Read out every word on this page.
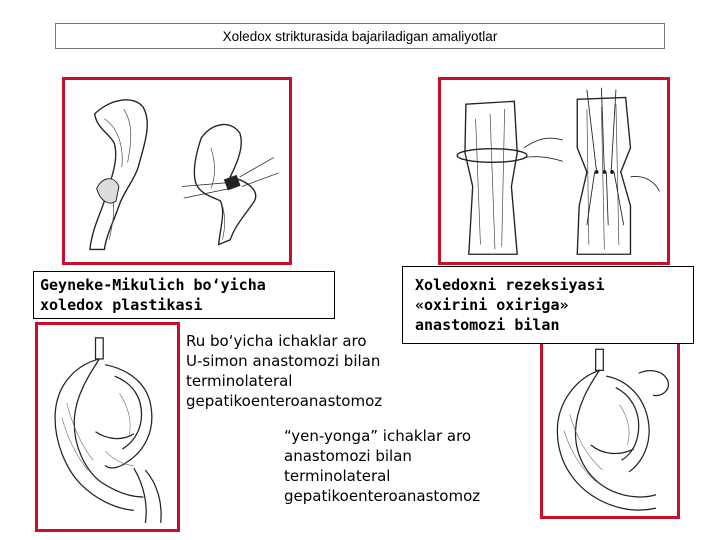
Xoledox strikturasida bajariladigan amaliyotlar
Geyneke-Mikulich bo‘yicha
xoledox plastikasi
Xoledoxni rezeksiyasi
«oxirini oxiriga»
anastomozi bilan
Ru bo‘yicha ichaklar aro
U-simon anastomozi bilan
terminolateral
gepatikoenteroanastomoz
“yen-yonga” ichaklar aro
anastomozi bilan
terminolateral
gepatikoenteroanastomoz
